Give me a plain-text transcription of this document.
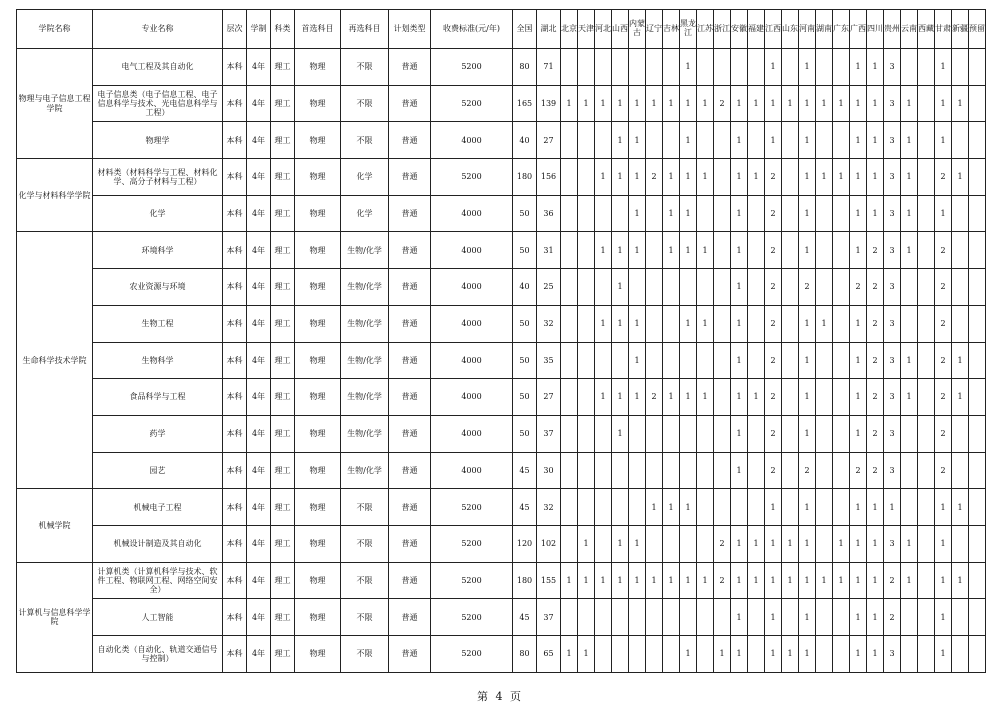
学院名称	专业名称	层次	学制	科类	首选科目	再选科目	计划类型	收费标准(元/年)	全国	湖北	北京	天津	河北	山西	内蒙古	辽宁	吉林	黑龙江	江苏	浙江	安徽	福建	江西	山东	河南	湖南	广东	广西	四川	贵州	云南	西藏	甘肃	新疆	预留
物理与电子信息工程学院	电气工程及其自动化	本科	4年	理工	物理	不限	普通	5200	80	71								1					1		1			1	1	3			1		
	电子信息类（电子信息工程、电子信息科学与技术、光电信息科学与工程）	本科	4年	理工	物理	不限	普通	5200	165	139	1	1	1	1	1	1	1	1	1	2	1	1	1	1	1	1	1	1	1	3	1		1	1	
	物理学	本科	4年	理工	物理	不限	普通	4000	40	27				1	1			1			1		1		1			1	1	3	1		1		
化学与材料科学学院	材料类（材料科学与工程、材料化学、高分子材料与工程）	本科	4年	理工	物理	化学	普通	5200	180	156			1	1	1	2	1	1	1		1	1	2		1	1	1	1	1	3	1		2	1	
	化学	本科	4年	理工	物理	化学	普通	4000	50	36					1		1	1			1		2		1			1	1	3	1		1		
生命科学技术学院	环境科学	本科	4年	理工	物理	生物/化学	普通	4000	50	31			1	1	1		1	1	1		1		2		1			1	2	3	1		2		
	农业资源与环境	本科	4年	理工	物理	生物/化学	普通	4000	40	25				1							1		2		2			2	2	3			2		
	生物工程	本科	4年	理工	物理	生物/化学	普通	4000	50	32			1	1	1			1	1		1		2		1	1		1	2	3			2		
	生物科学	本科	4年	理工	物理	生物/化学	普通	4000	50	35					1						1		2		1			1	2	3	1		2	1	
	食品科学与工程	本科	4年	理工	物理	生物/化学	普通	4000	50	27			1	1	1	2	1	1	1		1	1	2		1			1	2	3	1		2	1	
	药学	本科	4年	理工	物理	生物/化学	普通	4000	50	37				1							1		2		1			1	2	3			2		
	园艺	本科	4年	理工	物理	生物/化学	普通	4000	45	30											1		2		2			2	2	3			2		
机械学院	机械电子工程	本科	4年	理工	物理	不限	普通	5200	45	32						1	1	1					1		1			1	1	1			1	1	
	机械设计制造及其自动化	本科	4年	理工	物理	不限	普通	5200	120	102		1		1	1					2	1	1	1	1	1		1	1	1	3	1		1		
计算机与信息科学学院	计算机类（计算机科学与技术、软件工程、物联网工程、网络空间安全）	本科	4年	理工	物理	不限	普通	5200	180	155	1	1	1	1	1	1	1	1	1	2	1	1	1	1	1	1	1	1	1	2	1		1	1	
	人工智能	本科	4年	理工	物理	不限	普通	5200	45	37											1		1		1			1	1	2			1		
	自动化类（自动化、轨道交通信号与控制）	本科	4年	理工	物理	不限	普通	5200	80	65	1	1						1		1	1		1	1	1			1	1	3			1		
第 4 页
